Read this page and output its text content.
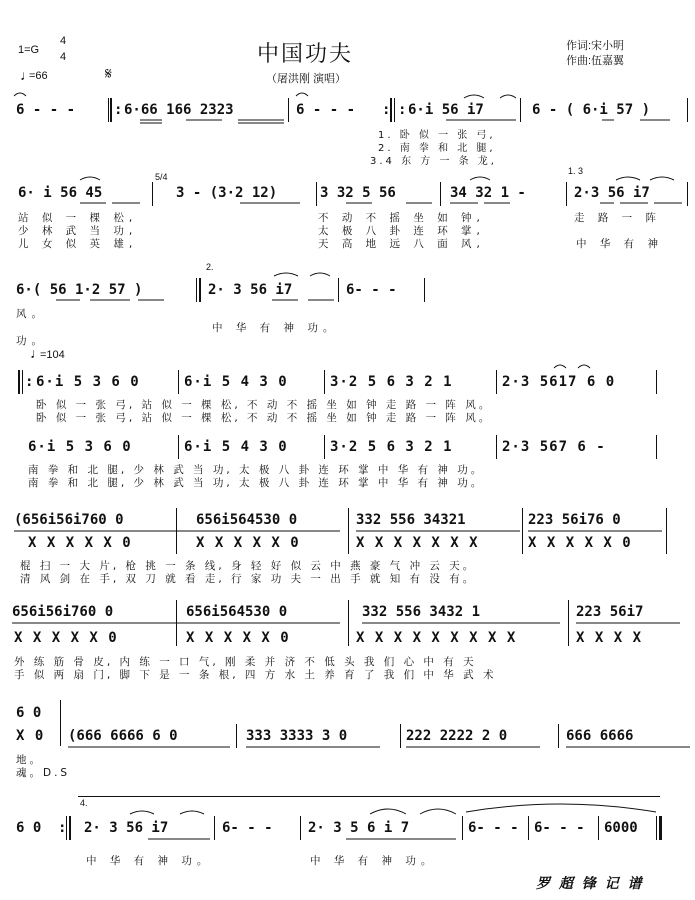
1=G
4
4
♩
=66	𝄋
中国功夫
（屠洪刚 演唱）
作词:宋小明
作曲:伍嘉翼
6 - - -	: 6·66 166 2323	6 - - - : : 6·i 56 i7	6 - ( 6·i 57 )
1. 卧 似 一 张 弓,
2. 南 拳 和 北 腿,
3.4 东 方 一 条 龙,
5/4
1. 3
6· i 56 45	3 - (3·2 12)	3 32 5 56	34 32 1 -	2·3 56 i7
站 似 一 棵 松,	不 动 不 摇 坐 如 钟,	走 路 一 阵
少 林 武 当 功,	太 极 八 卦 连 环 掌,
儿 女 似 英 雄,	天 高 地 远 八 面 风,	中 华 有 神
6·( 56 1·2 57 )
2.
2· 3 56 i7	6- - -
风。
中 华 有 神 功。
功。
♩
=104
: 6·i 5 3 6 0	6·i 5 4 3 0	3·2 5 6 3 2 1	2·3 5617 6 0
卧 似 一 张 弓, 站 似 一 棵 松, 不 动 不 摇 坐 如 钟 走 路 一 阵 风。
卧 似 一 张 弓, 站 似 一 棵 松, 不 动 不 摇 坐 如 钟 走 路 一 阵 风。
6·i 5 3 6 0	6·i 5 4 3 0	3·2 5 6 3 2 1	2·3 567 6 -
南 拳 和 北 腿, 少 林 武 当 功, 太 极 八 卦 连 环 掌 中 华 有 神 功。
南 拳 和 北 腿, 少 林 武 当 功, 太 极 八 卦 连 环 掌 中 华 有 神 功。
(656i56i760 0	656i564530 0	332 556 34321	223 56i76 0
X X X X X 0	X X X X X 0	X X X X X X X	X X X X X 0
棍 扫 一 大 片, 枪 挑 一 条 线, 身 轻 好 似 云 中 燕 豪 气 冲 云 天。
清 风 剑 在 手, 双 刀 就 看 走, 行 家 功 夫 一 出 手 就 知 有 没 有。
656i56i760 0	656i564530 0	332 556 3432 1	223 56i7
X X X X X 0	X X X X X 0	X X X X X X X X X	X X X X
外 练 筋 骨 皮, 内 练 一 口 气, 刚 柔 并 济 不 低 头 我 们 心 中 有 天
手 似 两 扇 门, 脚 下 是 一 条 根, 四 方 水 土 养 育 了 我 们 中 华 武 术
6 0
X 0 (666 6666 6 0	333 3333 3 0	222 2222 2 0	666 6666
地。
魂。D.S
4.
6 0 : 2· 3 56 i7	6- - -	2· 3 5 6 i 7	6- - - 6- - - 6000
中 华 有 神 功。	中 华 有 神 功。
罗 超 锋 记 谱
